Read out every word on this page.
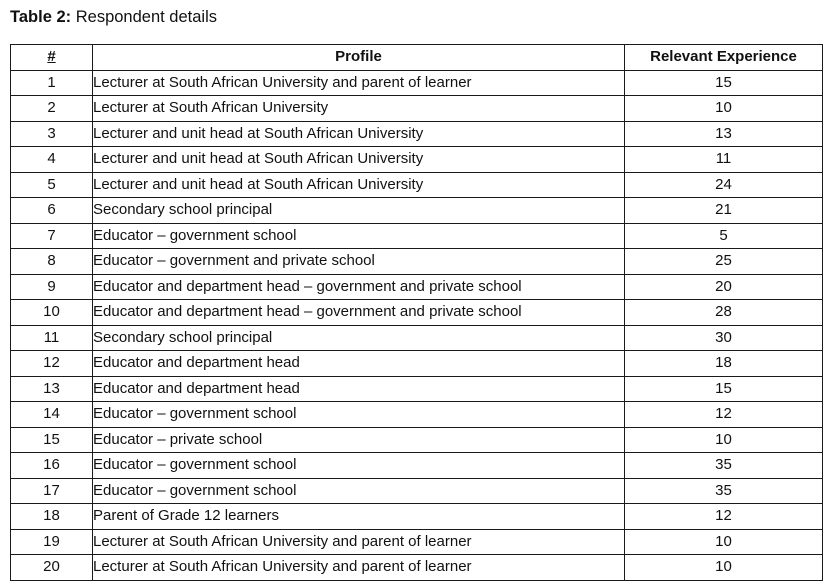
Table 2: Respondent details
#	Profile	Relevant Experience
1	Lecturer at South African University and parent of learner	15
2	Lecturer at South African University	10
3	Lecturer and unit head at South African University	13
4	Lecturer and unit head at South African University	11
5	Lecturer and unit head at South African University	24
6	Secondary school principal	21
7	Educator – government school	5
8	Educator – government and private school	25
9	Educator and department head – government and private school	20
10	Educator and department head – government and private school	28
11	Secondary school principal	30
12	Educator and department head	18
13	Educator and department head	15
14	Educator – government school	12
15	Educator – private school	10
16	Educator – government school	35
17	Educator – government school	35
18	Parent of Grade 12 learners	12
19	Lecturer at South African University and parent of learner	10
20	Lecturer at South African University and parent of learner	10
